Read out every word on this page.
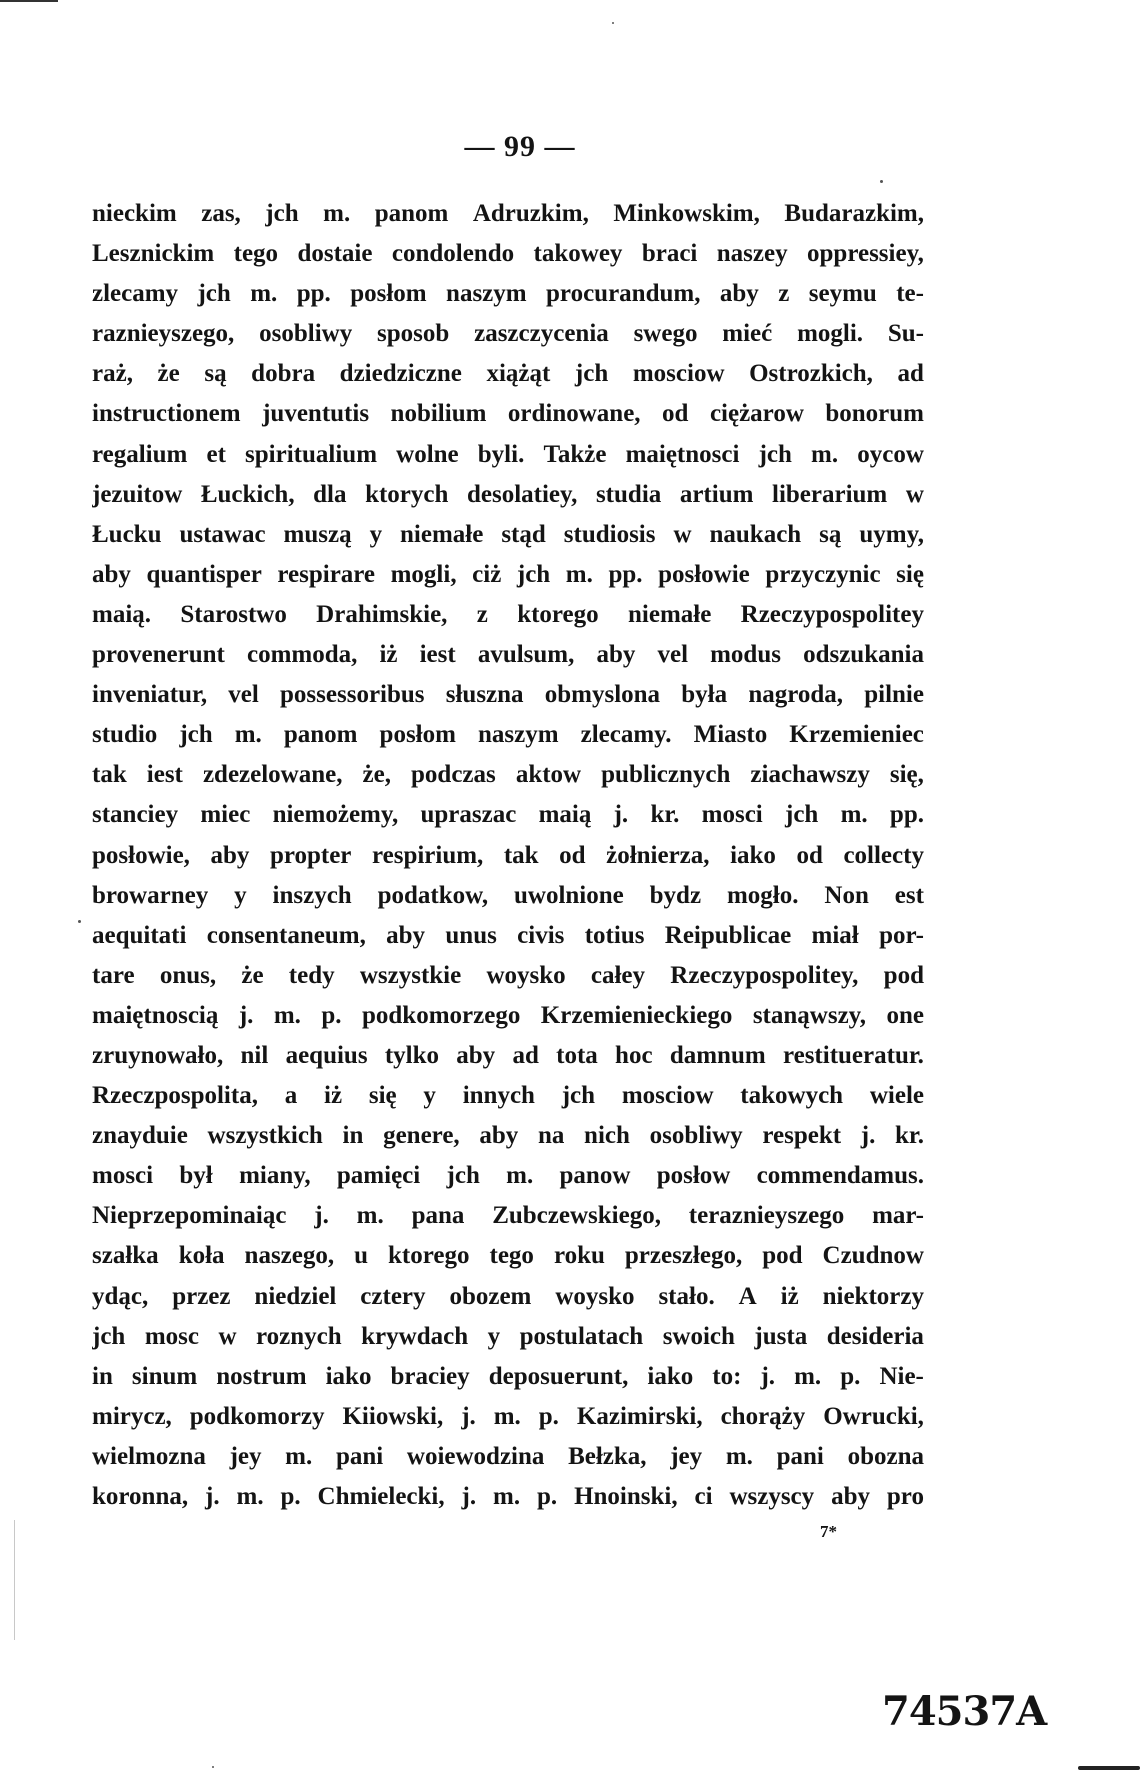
— 99 —
nieckim zas, jch m. panom Adruzkim, Minkowskim, Budarazkim,
Lesznickim tego dostaie condolendo takowey braci naszey oppressiey,
zlecamy jch m. pp. posłom naszym procurandum, aby z seymu te-
raznieyszego, osobliwy sposob zaszczycenia swego mieć mogli. Su-
raż, że są dobra dziedziczne xiążąt jch mosciow Ostrozkich, ad
instructionem juventutis nobilium ordinowane, od ciężarow bonorum
regalium et spiritualium wolne byli. Także maiętnosci jch m. oycow
jezuitow Łuckich, dla ktorych desolatiey, studia artium liberarium w
Łucku ustawac muszą y niemałe stąd studiosis w naukach są uymy,
aby quantisper respirare mogli, ciż jch m. pp. posłowie przyczynic się
maią. Starostwo Drahimskie, z ktorego niemałe Rzeczypospolitey
provenerunt commoda, iż iest avulsum, aby vel modus odszukania
inveniatur, vel possessoribus słuszna obmyslona była nagroda, pilnie
studio jch m. panom posłom naszym zlecamy. Miasto Krzemieniec
tak iest zdezelowane, że, podczas aktow publicznych ziachawszy się,
stanciey miec niemożemy, upraszac maią j. kr. mosci jch m. pp.
posłowie, aby propter respirium, tak od żołnierza, iako od collecty
browarney y inszych podatkow, uwolnione bydz mogło. Non est
aequitati consentaneum, aby unus civis totius Reipublicae miał por-
tare onus, że tedy wszystkie woysko całey Rzeczypospolitey, pod
maiętnoscią j. m. p. podkomorzego Krzemienieckiego stanąwszy, one
zruynowało, nil aequius tylko aby ad tota hoc damnum restitueratur.
Rzeczpospolita, a iż się y innych jch mosciow takowych wiele
znayduie wszystkich in genere, aby na nich osobliwy respekt j. kr.
mosci był miany, pamięci jch m. panow posłow commendamus.
Nieprzepominaiąc j. m. pana Zubczewskiego, teraznieyszego mar-
szałka koła naszego, u ktorego tego roku przeszłego, pod Czudnow
ydąc, przez niedziel cztery obozem woysko stało. A iż niektorzy
jch mosc w roznych krywdach y postulatach swoich justa desideria
in sinum nostrum iako braciey deposuerunt, iako to: j. m. p. Nie-
mirycz, podkomorzy Kiiowski, j. m. p. Kazimirski, chorąży Owrucki,
wielmozna jey m. pani woiewodzina Bełzka, jey m. pani obozna
koronna, j. m. p. Chmielecki, j. m. p. Hnoinski, ci wszyscy aby pro
7*
74537A
